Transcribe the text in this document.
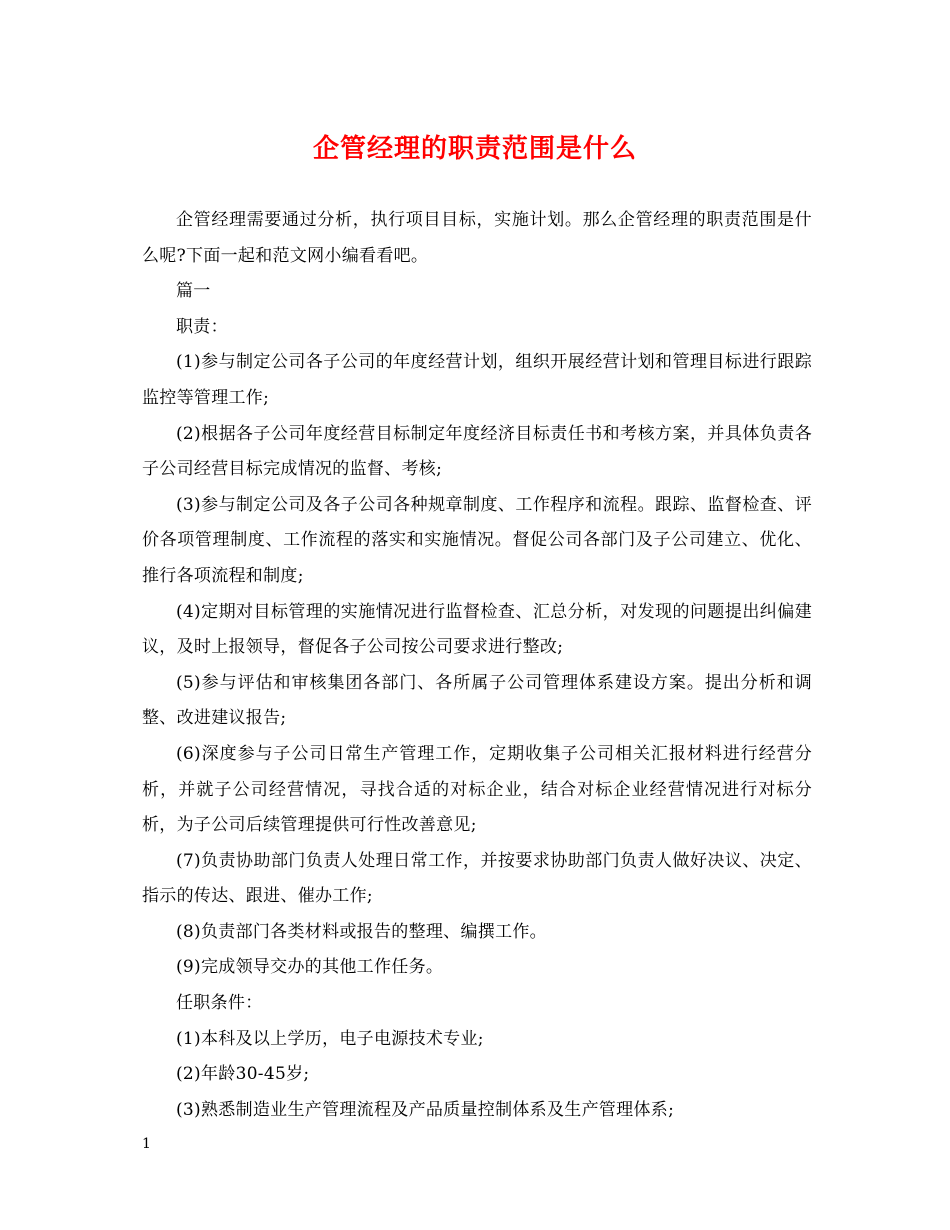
企管经理的职责范围是什么

企管经理需要通过分析，执行项目目标，实施计划。那么企管经理的职责范围是什么呢?下面一起和范文网小编看看吧。

篇一

职责：

(1)参与制定公司各子公司的年度经营计划，组织开展经营计划和管理目标进行跟踪监控等管理工作;

(2)根据各子公司年度经营目标制定年度经济目标责任书和考核方案，并具体负责各子公司经营目标完成情况的监督、考核;

(3)参与制定公司及各子公司各种规章制度、工作程序和流程。跟踪、监督检查、评价各项管理制度、工作流程的落实和实施情况。督促公司各部门及子公司建立、优化、推行各项流程和制度;

(4)定期对目标管理的实施情况进行监督检查、汇总分析，对发现的问题提出纠偏建议，及时上报领导，督促各子公司按公司要求进行整改;

(5)参与评估和审核集团各部门、各所属子公司管理体系建设方案。提出分析和调整、改进建议报告;

(6)深度参与子公司日常生产管理工作，定期收集子公司相关汇报材料进行经营分析，并就子公司经营情况，寻找合适的对标企业，结合对标企业经营情况进行对标分析，为子公司后续管理提供可行性改善意见;

(7)负责协助部门负责人处理日常工作，并按要求协助部门负责人做好决议、决定、指示的传达、跟进、催办工作;

(8)负责部门各类材料或报告的整理、编撰工作。

(9)完成领导交办的其他工作任务。

任职条件：

(1)本科及以上学历，电子电源技术专业;

(2)年龄30-45岁;

(3)熟悉制造业生产管理流程及产品质量控制体系及生产管理体系;

1
